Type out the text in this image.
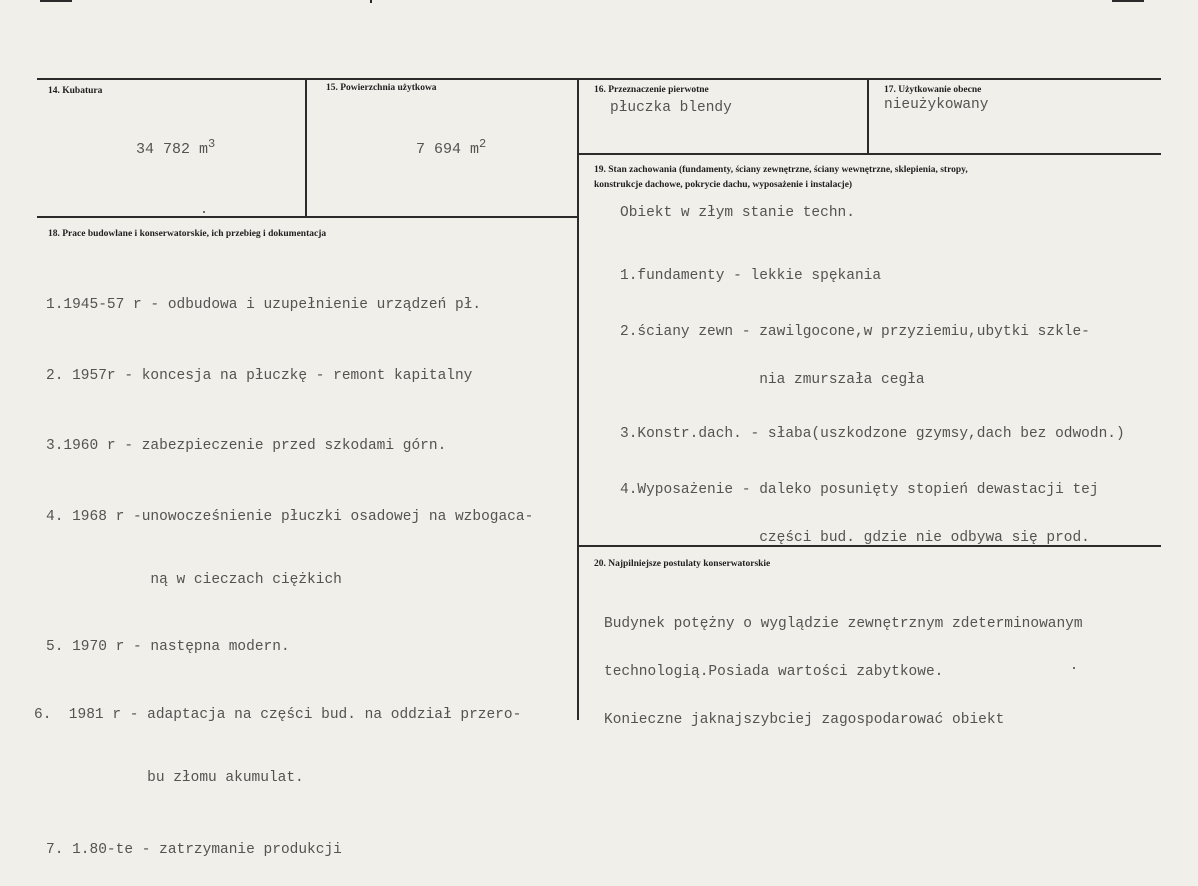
14. Kubatura

34 782 $m^3$

15. Powierzchnia użytkowa

7 694 $m^2$

16. Przeznaczenie pierwotne
płuczka blendy
17. Użytkowanie obecne
nieużykowany
18. Prace budowlane i konserwatorskie, ich przebieg i dokumentacja

1.1945-57 r - odbudowa i uzupełnienie urządzeń pł.

2. 1957r - koncesja na płuczkę - remont kapitalny

3.1960 r - zabezpieczenie przed szkodami górn.

4. 1968 r -unowocześnienie płuczki osadowej na wzbogaca-

ną w cieczach ciężkich

5. 1970 r - następna modern.

6.  1981 r - adaptacja na części bud. na oddział przero-

bu złomu akumulat.

7. 1.80-te - zatrzymanie produkcji

19. Stan zachowania (fundamenty, ściany zewnętrzne, ściany wewnętrzne, sklepienia, stropy,
konstrukcje dachowe, pokrycie dachu, wyposażenie i instalacje)
Obiekt w złym stanie techn.

1.fundamenty - lekkie spękania

2.ściany zewn - zawilgocone,w przyziemiu,ubytki szkle-

nia zmurszała cegła

3.Konstr.dach. - słaba(uszkodzone gzymsy,dach bez odwodn.)

4.Wyposażenie - daleko posunięty stopień dewastacji tej

części bud. gdzie nie odbywa się prod.

20. Najpilniejsze postulaty konserwatorskie

Budynek potężny o wyglądzie zewnętrznym zdeterminowanym

technologią.Posiada wartości zabytkowe.

Konieczne jaknajszybciej zagospodarować obiekt
